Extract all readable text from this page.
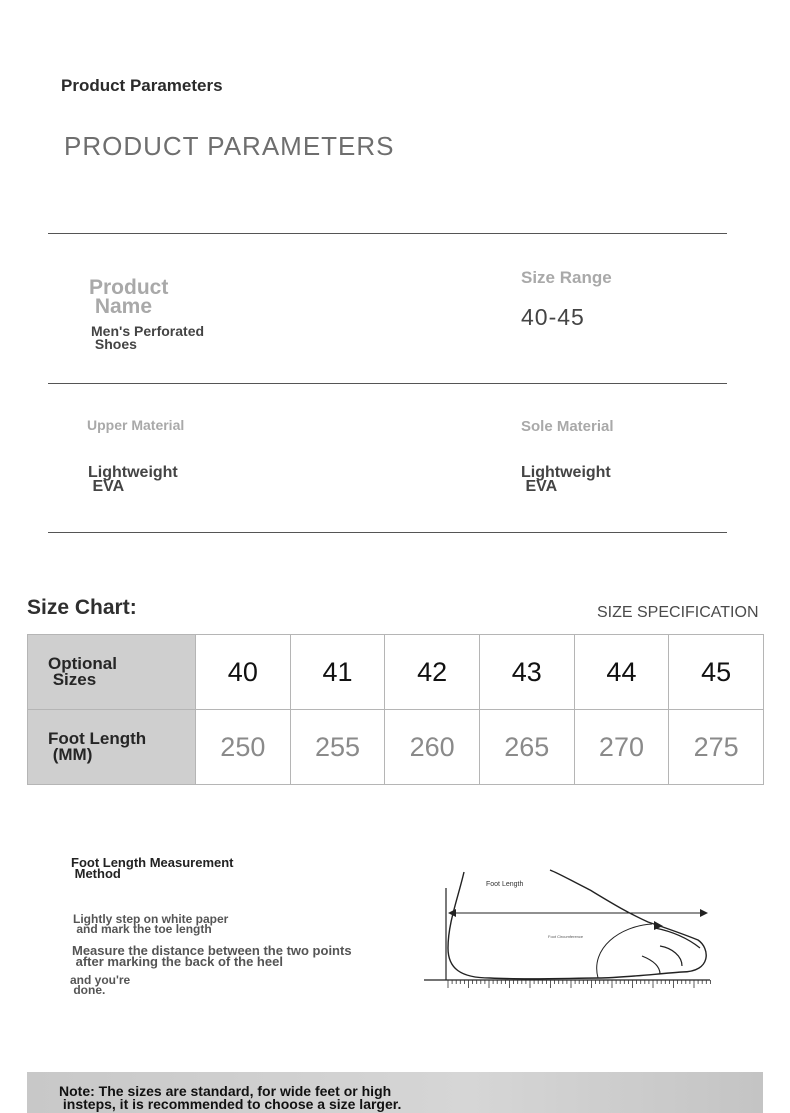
Product Parameters
PRODUCT PARAMETERS
Product
Name
Men's Perforated
Shoes
Size Range
40-45
Upper Material
Lightweight
EVA
Sole Material
Lightweight
EVA
Size Chart:	SIZE SPECIFICATION
Optional
Sizes	40	41	42	43	44	45
Foot Length
(MM)	250	255	260	265	270	275
Foot Length Measurement
Method
Lightly step on white paper
and mark the toe length
Measure the distance between the two points
after marking the back of the heel
and you're
done.
Foot Length
Foot Circumference
Note: The sizes are standard, for wide feet or high
insteps, it is recommended to choose a size larger.
